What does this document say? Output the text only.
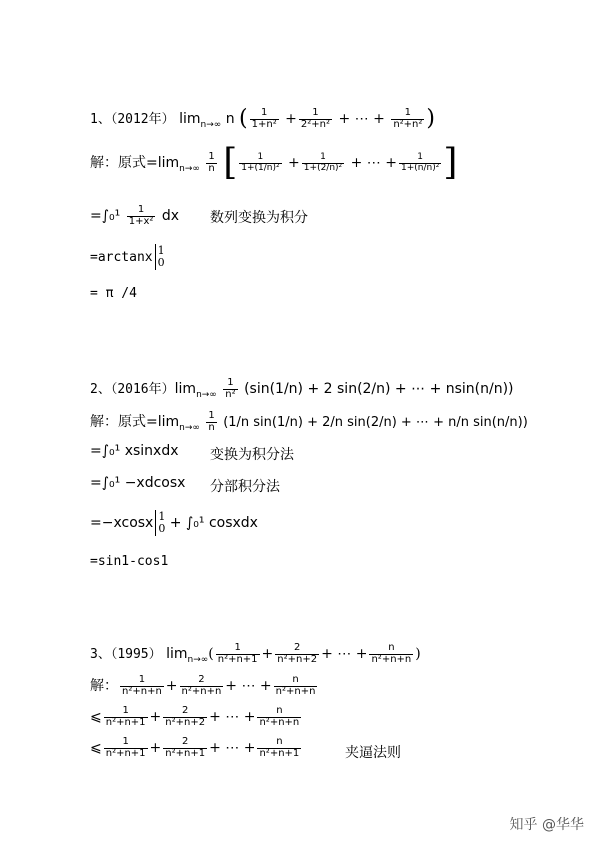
1、（2012年） $\lim_{n\to\infty} n$ ( $\frac{1}{\text{1+n²}} + \frac{1}{\text{2²+n²}}$ + ⋯ + $\frac{1}{\text{n²+n²}}$ )
解：原式$=\lim_{n\to\infty} \frac{1}{n}$ [ $\frac{1}{\text{1+(1/n)²}} + \frac{1}{\text{1+(2/n)²}}$ + ⋯ + $\frac{1}{\text{1+(n/n)²}}$ ]
$=\int_0^1 \frac{1}{\text{1+x²}}$ dx 数列变换为积分
=arctanx 1
0
= π /4
2、（2016年）$\lim_{n\to\infty} \frac{1}{\text{n²}} (\sin(1/n) + 2$ sin(2/n) + ⋯ + nsin(n/n))
解：原式$=\lim_{n\to\infty} \frac{1}{n} (1/n$ sin(1/n) + 2/n sin(2/n) + ⋯ + n/n sin(n/n))
=∫₀¹ xsinxdx 变换为积分法
=∫₀¹ −xdcosx 分部积分法
=−xcosx 1
0 + ∫₀¹ cosxdx
=sin1-cos1
3、（1995） $\lim_{n\to\infty}( \frac{1}{\text{n²+n+1}} + \frac{2}{\text{n²+n+2}}$ + ⋯ + $\frac{n}{\text{n²+n+n}}$ )
解： $\frac{1}{\text{n²+n+n}} + \frac{2}{\text{n²+n+n}}$ + ⋯ + $\frac{n}{\text{n²+n+n}}$
⩽ $\frac{1}{\text{n²+n+1}} + \frac{2}{\text{n²+n+2}}$ + ⋯ + $\frac{n}{\text{n²+n+n}}$
⩽ $\frac{1}{\text{n²+n+1}} + \frac{2}{\text{n²+n+1}}$ + ⋯ + $\frac{n}{\text{n²+n+1}}$	夹逼法则
知乎 @华华
